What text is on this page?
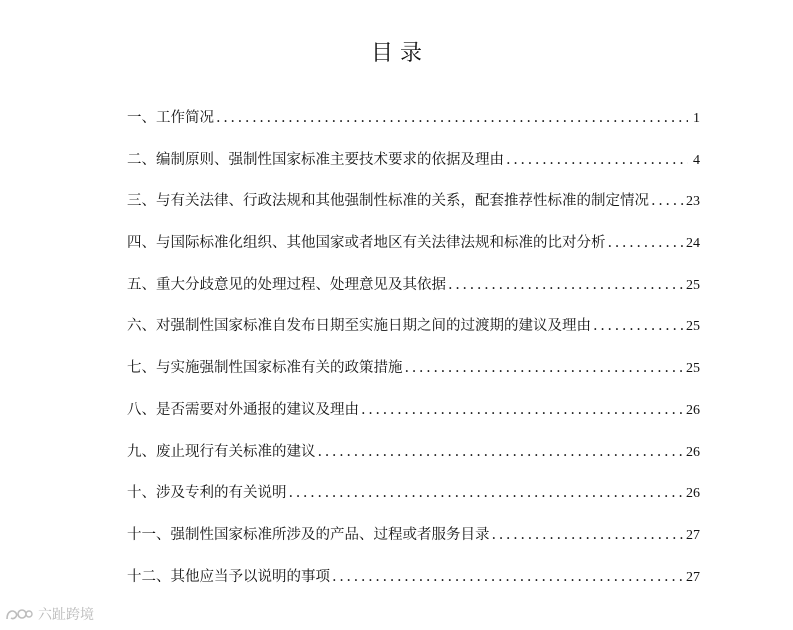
目 录
一、工作简况 . . .	1
二、编制原则、强制性国家标准主要技术要求的依据及理由 . . .	4
三、与有关法律、行政法规和其他强制性标准的关系，配套推荐性标准的制定情况 . . .	23
四、与国际标准化组织、其他国家或者地区有关法律法规和标准的比对分析 . . .	24
五、重大分歧意见的处理过程、处理意见及其依据 . . .	25
六、对强制性国家标准自发布日期至实施日期之间的过渡期的建议及理由 . . .	25
七、与实施强制性国家标准有关的政策措施 . . .	25
八、是否需要对外通报的建议及理由 . . .	26
九、废止现行有关标准的建议 . . .	26
十、涉及专利的有关说明 . . .	26
十一、强制性国家标准所涉及的产品、过程或者服务目录 . . .	27
十二、其他应当予以说明的事项 . . .	27
六趾跨境
